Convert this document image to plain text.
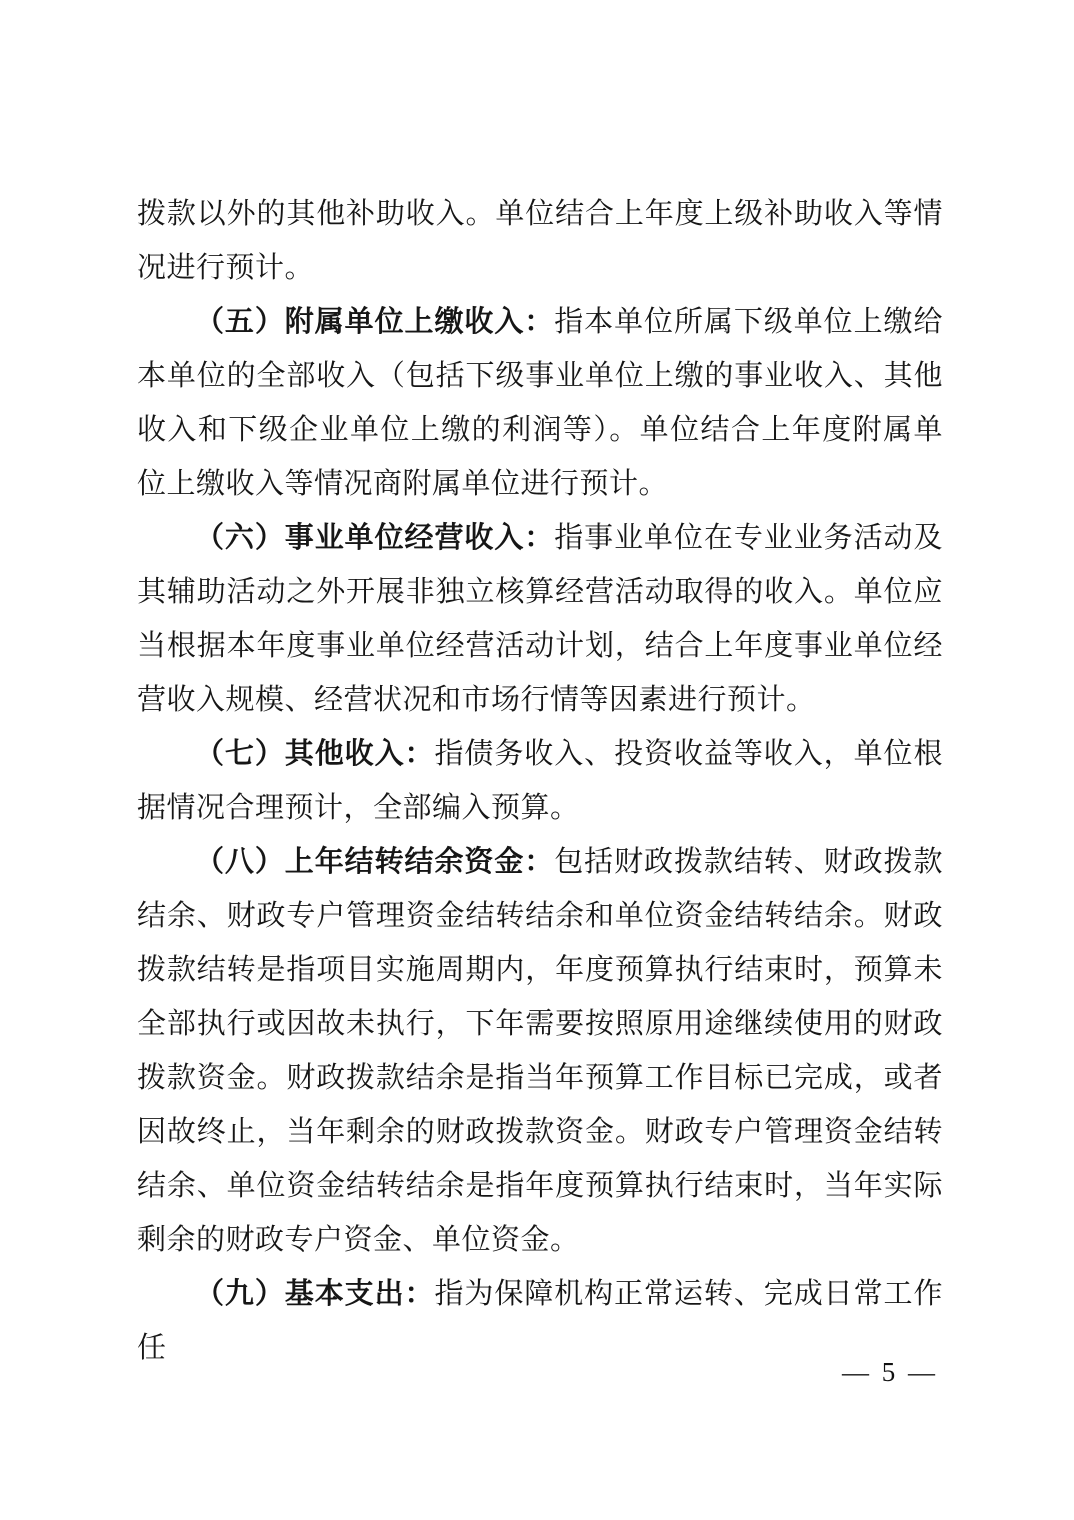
拨款以外的其他补助收入。单位结合上年度上级补助收入等情况进行预计。

（五）附属单位上缴收入：指本单位所属下级单位上缴给本单位的全部收入（包括下级事业单位上缴的事业收入、其他收入和下级企业单位上缴的利润等）。单位结合上年度附属单位上缴收入等情况商附属单位进行预计。

（六）事业单位经营收入：指事业单位在专业业务活动及其辅助活动之外开展非独立核算经营活动取得的收入。单位应当根据本年度事业单位经营活动计划，结合上年度事业单位经营收入规模、经营状况和市场行情等因素进行预计。

（七）其他收入：指债务收入、投资收益等收入，单位根据情况合理预计，全部编入预算。

（八）上年结转结余资金：包括财政拨款结转、财政拨款结余、财政专户管理资金结转结余和单位资金结转结余。财政拨款结转是指项目实施周期内，年度预算执行结束时，预算未全部执行或因故未执行，下年需要按照原用途继续使用的财政拨款资金。财政拨款结余是指当年预算工作目标已完成，或者因故终止，当年剩余的财政拨款资金。财政专户管理资金结转结余、单位资金结转结余是指年度预算执行结束时，当年实际剩余的财政专户资金、单位资金。

（九）基本支出：指为保障机构正常运转、完成日常工作任

— 5 —
